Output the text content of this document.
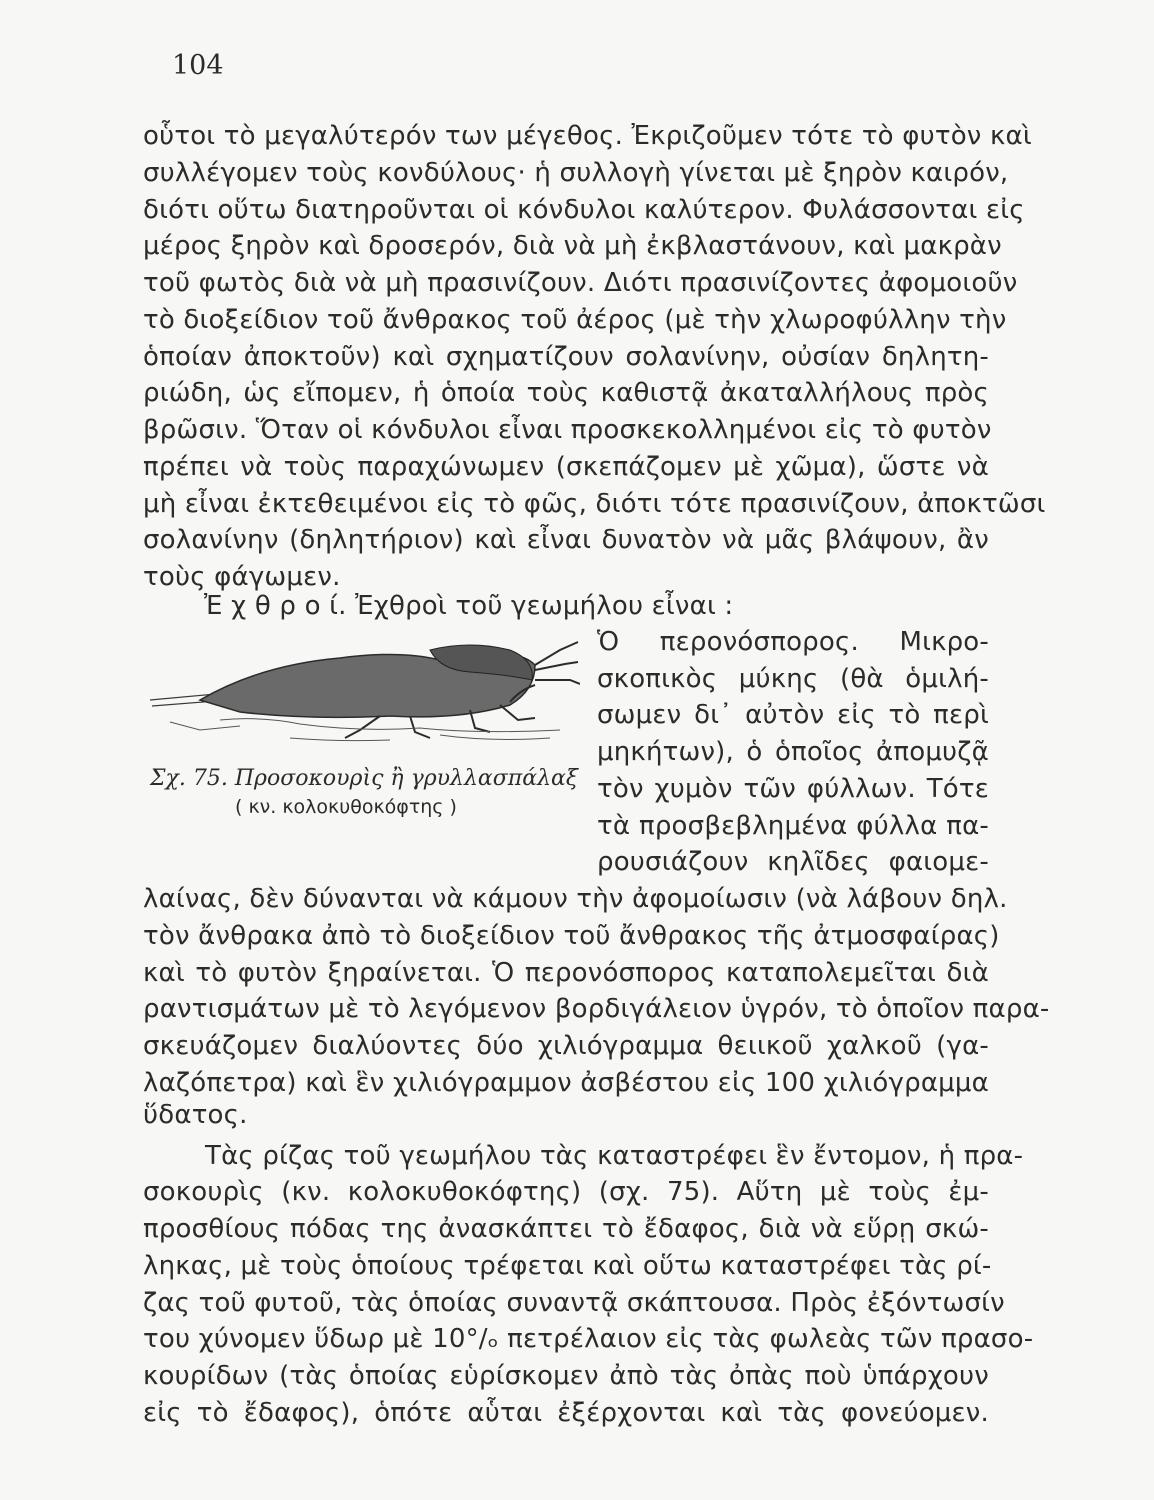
104
οὗτοι τὸ μεγαλύτερόν των μέγεθος. Ἐκριζοῦμεν τότε τὸ φυτὸν καὶ
συλλέγομεν τοὺς κονδύλους· ἡ συλλογὴ γίνεται μὲ ξηρὸν καιρόν,
διότι οὕτω διατηροῦνται οἱ κόνδυλοι καλύτερον. Φυλάσσονται εἰς
μέρος ξηρὸν καὶ δροσερόν, διὰ νὰ μὴ ἐκβλαστάνουν, καὶ μακρὰν
τοῦ φωτὸς διὰ νὰ μὴ πρασινίζουν. Διότι πρασινίζοντες ἀφομοιοῦν
τὸ διοξείδιον τοῦ ἄνθρακος τοῦ ἀέρος (μὲ τὴν χλωροφύλλην τὴν
ὁποίαν ἀποκτοῦν) καὶ σχηματίζουν σολανίνην, οὐσίαν δηλητη-
ριώδη, ὡς εἴπομεν, ἡ ὁποία τοὺς καθιστᾷ ἀκαταλλήλους πρὸς
βρῶσιν. Ὅταν οἱ κόνδυλοι εἶναι προσκεκολλημένοι εἰς τὸ φυτὸν
πρέπει νὰ τοὺς παραχώνωμεν (σκεπάζομεν μὲ χῶμα), ὥστε νὰ
μὴ εἶναι ἐκτεθειμένοι εἰς τὸ φῶς, διότι τότε πρασινίζουν, ἀποκτῶσι
σολανίνην (δηλητήριον) καὶ εἶναι δυνατὸν νὰ μᾶς βλάψουν, ἂν
τοὺς φάγωμεν.
Ἐ χ θ ρ ο ί. Ἐχθροὶ τοῦ γεωμήλου εἶναι :
Σχ. 75. Προσοκουρὶς ἢ γρυλλασπάλαξ
( κν. κολοκυθοκόφτης )
Ὁ περονόσπορος. Μικρο-
σκοπικὸς μύκης (θὰ ὁμιλή-
σωμεν δι᾽ αὐτὸν εἰς τὸ περὶ
μηκήτων), ὁ ὁποῖος ἀπομυζᾷ
τὸν χυμὸν τῶν φύλλων. Τότε
τὰ προσβεβλημένα φύλλα πα-
ρουσιάζουν κηλῖδες φαιομε-
λαίνας, δὲν δύνανται νὰ κάμουν τὴν ἀφομοίωσιν (νὰ λάβουν δηλ.
τὸν ἄνθρακα ἀπὸ τὸ διοξείδιον τοῦ ἄνθρακος τῆς ἀτμοσφαίρας)
καὶ τὸ φυτὸν ξηραίνεται. Ὁ περονόσπορος καταπολεμεῖται διὰ
ραντισμάτων μὲ τὸ λεγόμενον βορδιγάλειον ὑγρόν, τὸ ὁποῖον παρα-
σκευάζομεν διαλύοντες δύο χιλιόγραμμα θειικοῦ χαλκοῦ (γα-
λαζόπετρα) καὶ ἓν χιλιόγραμμον ἀσβέστου εἰς 100 χιλιόγραμμα
ὕδατος.
Τὰς ρίζας τοῦ γεωμήλου τὰς καταστρέφει ἓν ἔντομον, ἡ πρα-
σοκουρὶς (κν. κολοκυθοκόφτης) (σχ. 75). Αὕτη μὲ τοὺς ἐμ-
προσθίους πόδας της ἀνασκάπτει τὸ ἔδαφος, διὰ νὰ εὕρῃ σκώ-
ληκας, μὲ τοὺς ὁποίους τρέφεται καὶ οὕτω καταστρέφει τὰς ρί-
ζας τοῦ φυτοῦ, τὰς ὁποίας συναντᾷ σκάπτουσα. Πρὸς ἐξόντωσίν
του χύνομεν ὕδωρ μὲ 10°/ₒ πετρέλαιον εἰς τὰς φωλεὰς τῶν πρασο-
κουρίδων (τὰς ὁποίας εὑρίσκομεν ἀπὸ τὰς ὀπὰς ποὺ ὑπάρχουν
εἰς τὸ ἔδαφος), ὁπότε αὗται ἐξέρχονται καὶ τὰς φονεύομεν.
